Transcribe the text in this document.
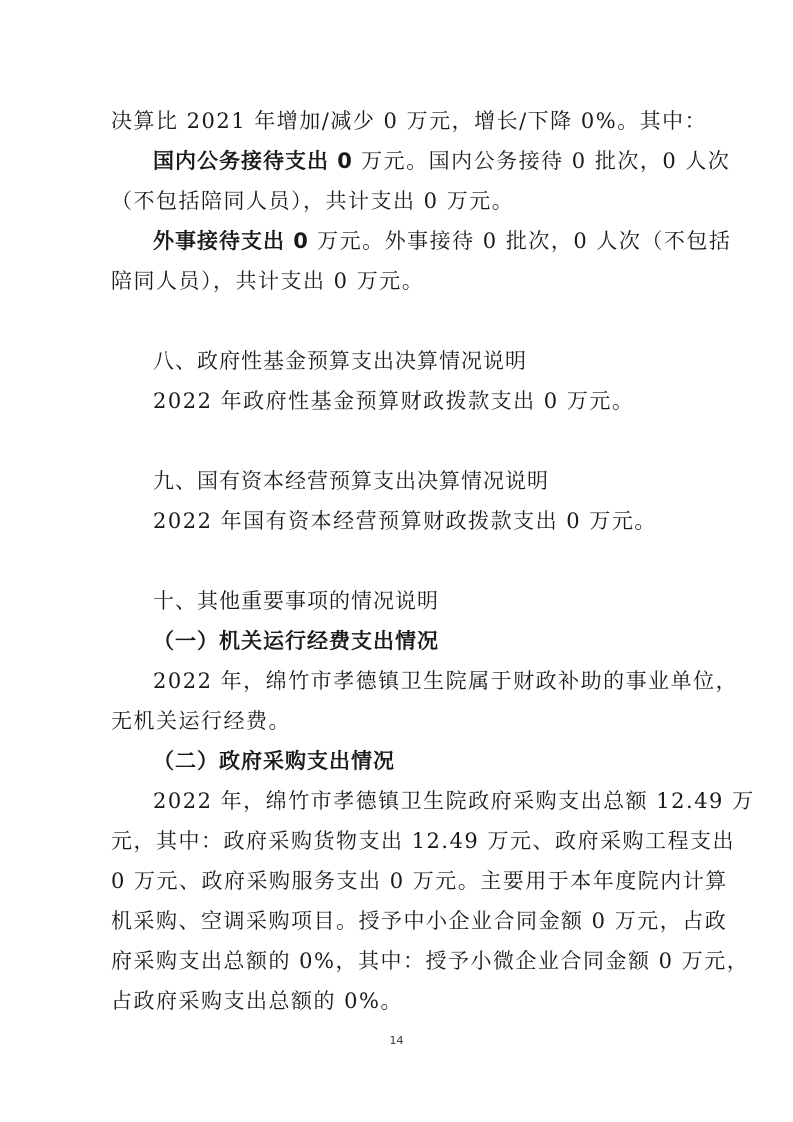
决算比 2021 年增加/减少 0 万元，增长/下降 0%。其中：
国内公务接待支出 0 万元。国内公务接待 0 批次，0 人次
（不包括陪同人员），共计支出 0 万元。
外事接待支出 0 万元。外事接待 0 批次，0 人次（不包括
陪同人员），共计支出 0 万元。
八、政府性基金预算支出决算情况说明
2022 年政府性基金预算财政拨款支出 0 万元。
九、国有资本经营预算支出决算情况说明
2022 年国有资本经营预算财政拨款支出 0 万元。
十、其他重要事项的情况说明
（一）机关运行经费支出情况
2022 年，绵竹市孝德镇卫生院属于财政补助的事业单位，
无机关运行经费。
（二）政府采购支出情况
2022 年，绵竹市孝德镇卫生院政府采购支出总额 12.49 万
元，其中：政府采购货物支出 12.49 万元、政府采购工程支出
0 万元、政府采购服务支出 0 万元。主要用于本年度院内计算
机采购、空调采购项目。授予中小企业合同金额 0 万元，占政
府采购支出总额的 0%，其中：授予小微企业合同金额 0 万元，
占政府采购支出总额的 0%。
14
